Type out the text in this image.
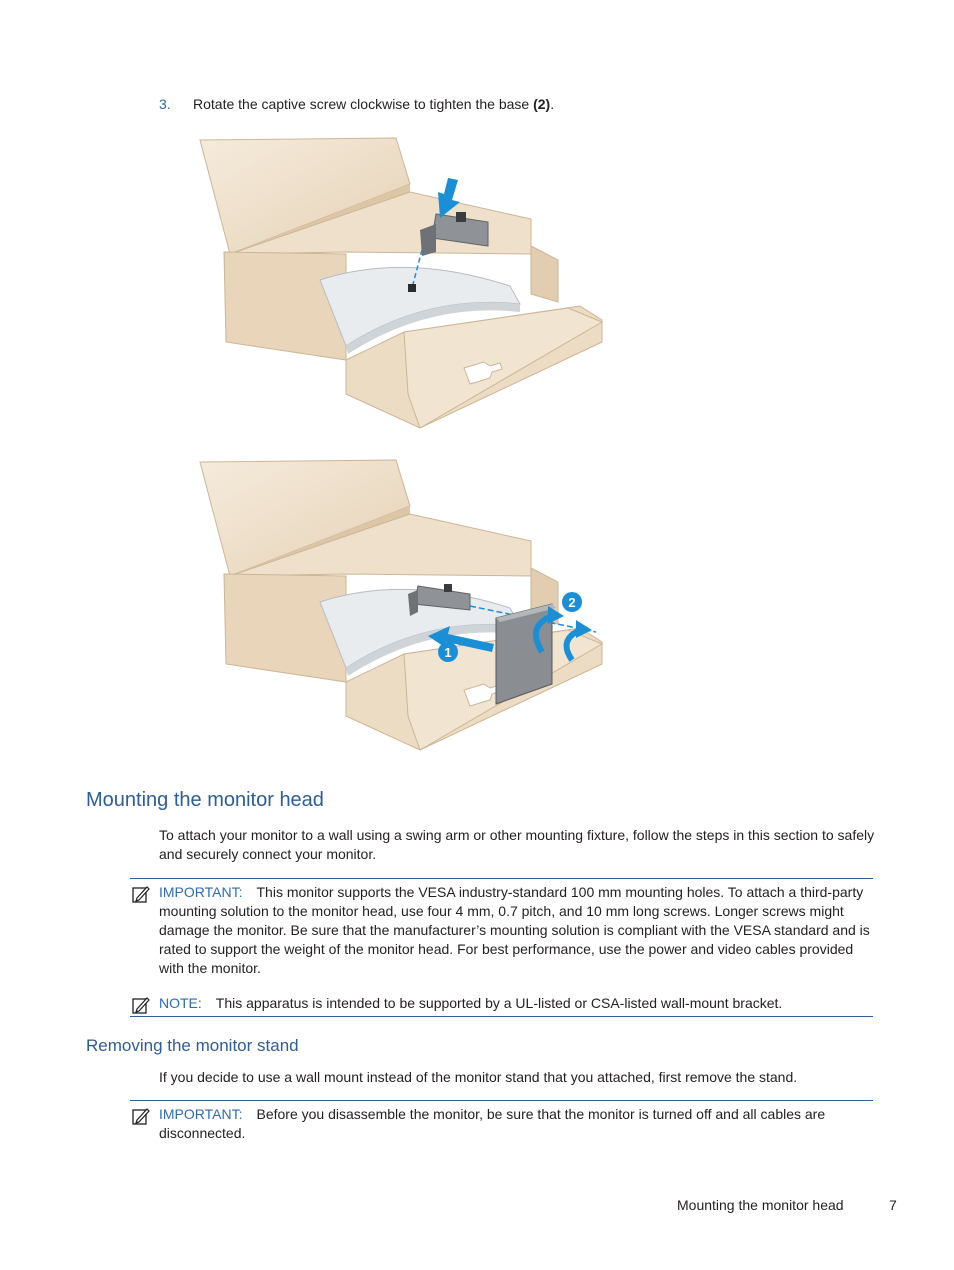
3. Rotate the captive screw clockwise to tighten the base (2).
1
2
Mounting the monitor head

To attach your monitor to a wall using a swing arm or other mounting fixture, follow the steps in this section to safely and securely connect your monitor.

IMPORTANT: This monitor supports the VESA industry-standard 100 mm mounting holes. To attach a third-party mounting solution to the monitor head, use four 4 mm, 0.7 pitch, and 10 mm long screws. Longer screws might damage the monitor. Be sure that the manufacturer’s mounting solution is compliant with the VESA standard and is rated to support the weight of the monitor head. For best performance, use the power and video cables provided with the monitor.
NOTE: This apparatus is intended to be supported by a UL-listed or CSA-listed wall-mount bracket.
Removing the monitor stand

If you decide to use a wall mount instead of the monitor stand that you attached, first remove the stand.

IMPORTANT: Before you disassemble the monitor, be sure that the monitor is turned off and all cables are disconnected.
Mounting the monitor head	7
